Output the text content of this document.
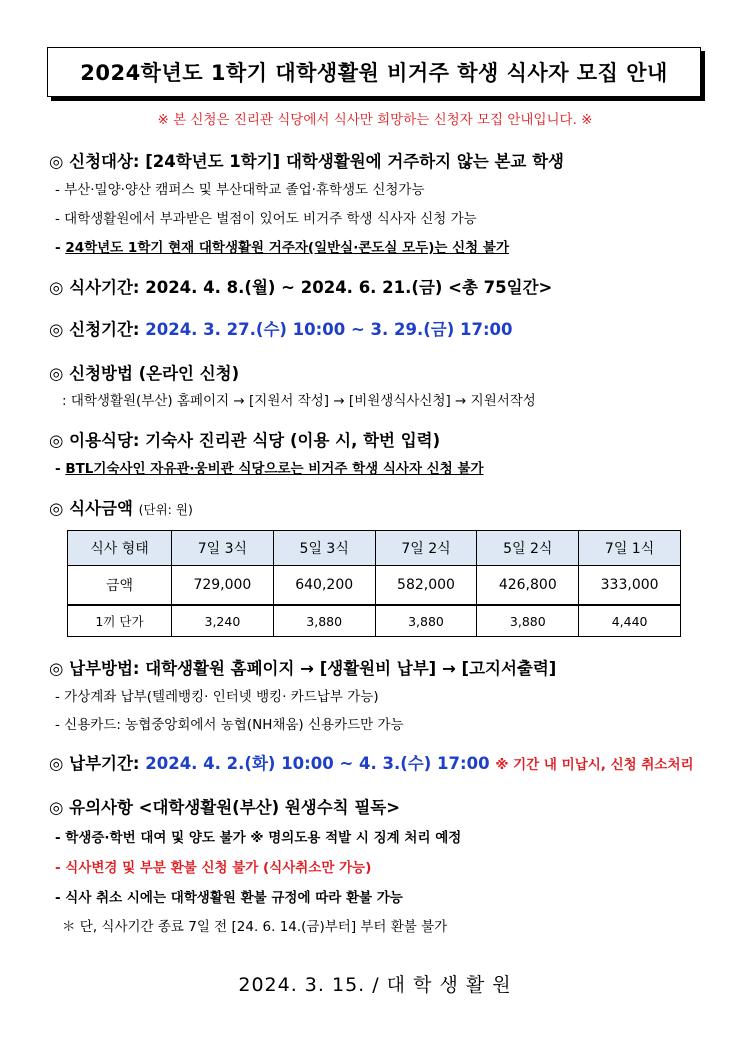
2024학년도 1학기 대학생활원 비거주 학생 식사자 모집 안내
※ 본 신청은 진리관 식당에서 식사만 희망하는 신청자 모집 안내입니다. ※
◎ 신청대상: [24학년도 1학기] 대학생활원에 거주하지 않는 본교 학생
- 부산·밀양·양산 캠퍼스 및 부산대학교 졸업·휴학생도 신청가능
- 대학생활원에서 부과받은 벌점이 있어도 비거주 학생 식사자 신청 가능
- 24학년도 1학기 현재 대학생활원 거주자(일반실·콘도실 모두)는 신청 불가
◎ 식사기간: 2024. 4. 8.(월) ~ 2024. 6. 21.(금) <총 75일간>
◎ 신청기간: 2024. 3. 27.(수) 10:00 ~ 3. 29.(금) 17:00
◎ 신청방법 (온라인 신청)
: 대학생활원(부산) 홈페이지 → [지원서 작성] → [비원생식사신청] → 지원서작성
◎ 이용식당: 기숙사 진리관 식당 (이용 시, 학번 입력)
- BTL기숙사인 자유관·웅비관 식당으로는 비거주 학생 식사자 신청 불가
◎ 식사금액 (단위: 원)
식사 형태	7일 3식	5일 3식	7일 2식	5일 2식	7일 1식
금액	729,000	640,200	582,000	426,800	333,000
1끼 단가	3,240	3,880	3,880	3,880	4,440
◎ 납부방법: 대학생활원 홈페이지 → [생활원비 납부] → [고지서출력]
- 가상계좌 납부(텔레뱅킹· 인터넷 뱅킹· 카드납부 가능)
- 신용카드: 농협중앙회에서 농협(NH채움) 신용카드만 가능
◎ 납부기간: 2024. 4. 2.(화) 10:00 ~ 4. 3.(수) 17:00 ※ 기간 내 미납시, 신청 취소처리
◎ 유의사항 <대학생활원(부산) 원생수칙 필독>
- 학생증·학번 대여 및 양도 불가 ※ 명의도용 적발 시 징계 처리 예정
- 식사변경 및 부분 환불 신청 불가 (식사취소만 가능)
- 식사 취소 시에는 대학생활원 환불 규정에 따라 환불 가능
＊ 단, 식사기간 종료 7일 전 [24. 6. 14.(금)부터] 부터 환불 불가
2024. 3. 15. / 대 학 생 활 원
